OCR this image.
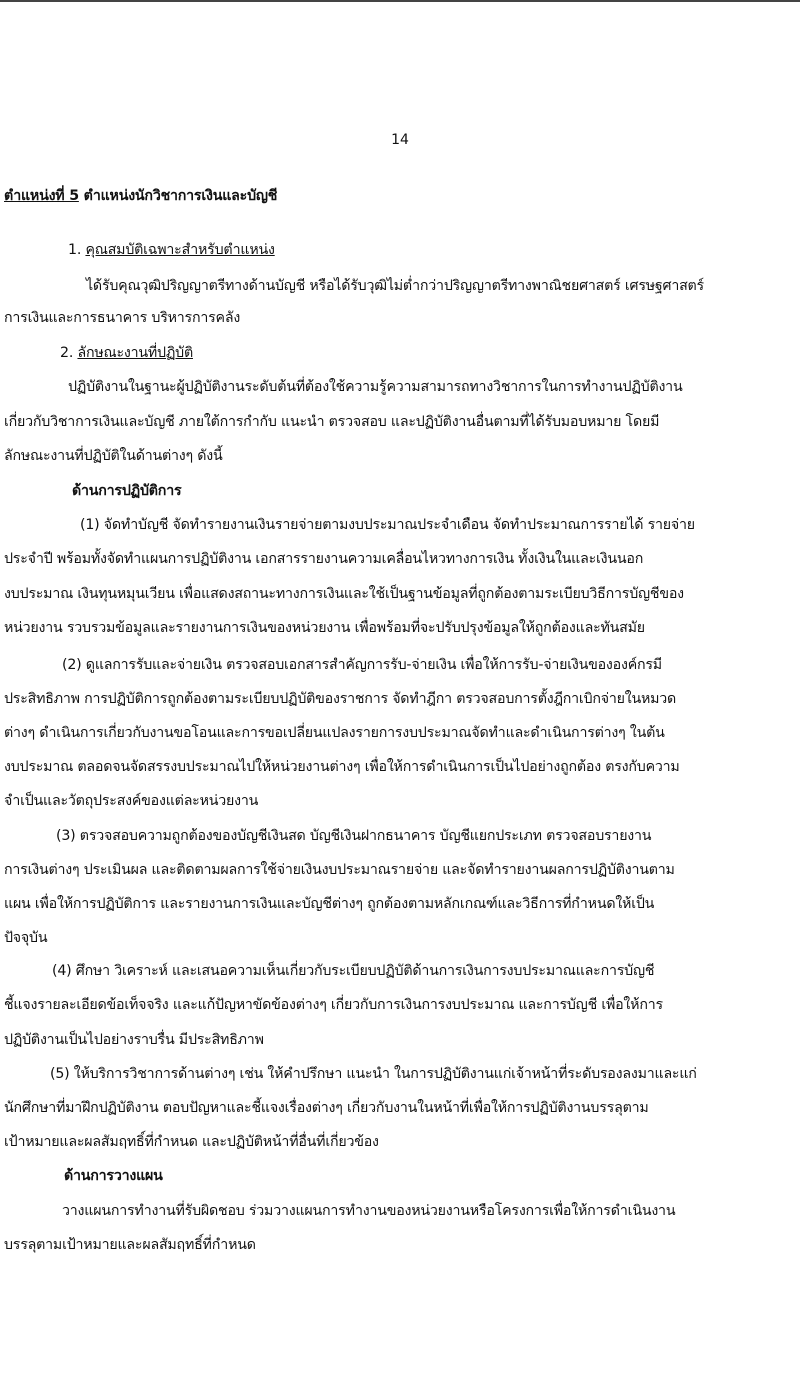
14
ตำแหน่งที่ 5 ตำแหน่งนักวิชาการเงินและบัญชี
1. คุณสมบัติเฉพาะสำหรับตำแหน่ง
ได้รับคุณวุฒิปริญญาตรีทางด้านบัญชี หรือได้รับวุฒิไม่ต่ำกว่าปริญญาตรีทางพาณิชยศาสตร์ เศรษฐศาสตร์
การเงินและการธนาคาร บริหารการคลัง
2. ลักษณะงานที่ปฏิบัติ
ปฏิบัติงานในฐานะผู้ปฏิบัติงานระดับต้นที่ต้องใช้ความรู้ความสามารถทางวิชาการในการทำงานปฏิบัติงาน
เกี่ยวกับวิชาการเงินและบัญชี ภายใต้การกำกับ แนะนำ ตรวจสอบ และปฏิบัติงานอื่นตามที่ได้รับมอบหมาย โดยมี
ลักษณะงานที่ปฏิบัติในด้านต่างๆ ดังนี้
ด้านการปฏิบัติการ
(1) จัดทำบัญชี จัดทำรายงานเงินรายจ่ายตามงบประมาณประจำเดือน จัดทำประมาณการรายได้ รายจ่าย
ประจำปี พร้อมทั้งจัดทำแผนการปฏิบัติงาน เอกสารรายงานความเคลื่อนไหวทางการเงิน ทั้งเงินในและเงินนอก
งบประมาณ เงินทุนหมุนเวียน เพื่อแสดงสถานะทางการเงินและใช้เป็นฐานข้อมูลที่ถูกต้องตามระเบียบวิธีการบัญชีของ
หน่วยงาน รวบรวมข้อมูลและรายงานการเงินของหน่วยงาน เพื่อพร้อมที่จะปรับปรุงข้อมูลให้ถูกต้องและทันสมัย
(2) ดูแลการรับและจ่ายเงิน ตรวจสอบเอกสารสำคัญการรับ-จ่ายเงิน เพื่อให้การรับ-จ่ายเงินขององค์กรมี
ประสิทธิภาพ การปฏิบัติการถูกต้องตามระเบียบปฏิบัติของราชการ จัดทำฎีกา ตรวจสอบการตั้งฎีกาเบิกจ่ายในหมวด
ต่างๆ ดำเนินการเกี่ยวกับงานขอโอนและการขอเปลี่ยนแปลงรายการงบประมาณจัดทำและดำเนินการต่างๆ ในต้น
งบประมาณ ตลอดจนจัดสรรงบประมาณไปให้หน่วยงานต่างๆ เพื่อให้การดำเนินการเป็นไปอย่างถูกต้อง ตรงกับความ
จำเป็นและวัตถุประสงค์ของแต่ละหน่วยงาน
(3) ตรวจสอบความถูกต้องของบัญชีเงินสด บัญชีเงินฝากธนาคาร บัญชีแยกประเภท ตรวจสอบรายงาน
การเงินต่างๆ ประเมินผล และติดตามผลการใช้จ่ายเงินงบประมาณรายจ่าย และจัดทำรายงานผลการปฏิบัติงานตาม
แผน เพื่อให้การปฏิบัติการ และรายงานการเงินและบัญชีต่างๆ ถูกต้องตามหลักเกณฑ์และวิธีการที่กำหนดให้เป็น
ปัจจุบัน
(4) ศึกษา วิเคราะห์ และเสนอความเห็นเกี่ยวกับระเบียบปฏิบัติด้านการเงินการงบประมาณและการบัญชี
ชี้แจงรายละเอียดข้อเท็จจริง และแก้ปัญหาขัดข้องต่างๆ เกี่ยวกับการเงินการงบประมาณ และการบัญชี เพื่อให้การ
ปฏิบัติงานเป็นไปอย่างราบรื่น มีประสิทธิภาพ
(5) ให้บริการวิชาการด้านต่างๆ เช่น ให้คำปรึกษา แนะนำ ในการปฏิบัติงานแก่เจ้าหน้าที่ระดับรองลงมาและแก่
นักศึกษาที่มาฝึกปฏิบัติงาน ตอบปัญหาและชี้แจงเรื่องต่างๆ เกี่ยวกับงานในหน้าที่เพื่อให้การปฏิบัติงานบรรลุตาม
เป้าหมายและผลสัมฤทธิ์ที่กำหนด และปฏิบัติหน้าที่อื่นที่เกี่ยวข้อง
ด้านการวางแผน
วางแผนการทำงานที่รับผิดชอบ ร่วมวางแผนการทำงานของหน่วยงานหรือโครงการเพื่อให้การดำเนินงาน
บรรลุตามเป้าหมายและผลสัมฤทธิ์ที่กำหนด
